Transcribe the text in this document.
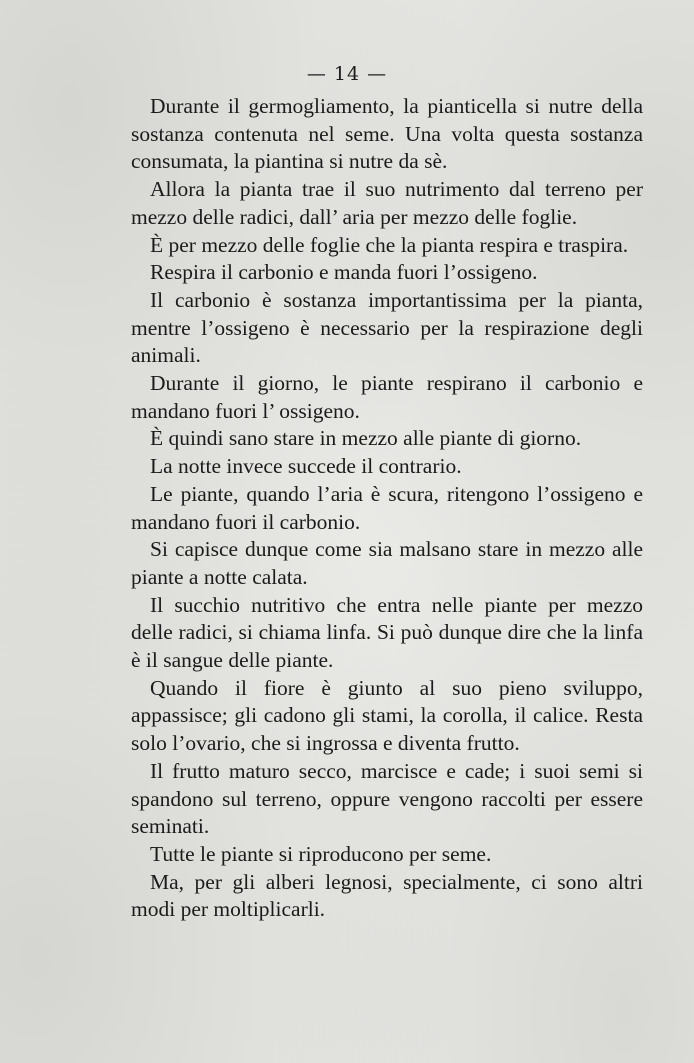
— 14 —

Durante il germogliamento, la pianticella si nutre della sostanza contenuta nel seme. Una volta questa sostanza consumata, la piantina si nutre da sè.

Allora la pianta trae il suo nutrimento dal terreno per mezzo delle radici, dall’ aria per mezzo delle foglie.

È per mezzo delle foglie che la pianta respira e traspira.

Respira il carbonio e manda fuori l’ossigeno.

Il carbonio è sostanza importantissima per la pianta, mentre l’ossigeno è necessario per la respirazione degli animali.

Durante il giorno, le piante respirano il carbonio e mandano fuori l’ ossigeno.

È quindi sano stare in mezzo alle piante di giorno.

La notte invece succede il contrario.

Le piante, quando l’aria è scura, ritengono l’ossigeno e mandano fuori il carbonio.

Si capisce dunque come sia malsano stare in mezzo alle piante a notte calata.

Il succhio nutritivo che entra nelle piante per mezzo delle radici, si chiama linfa. Si può dunque dire che la linfa è il sangue delle piante.

Quando il fiore è giunto al suo pieno sviluppo, appassisce; gli cadono gli stami, la corolla, il calice. Resta solo l’ovario, che si ingrossa e diventa frutto.

Il frutto maturo secco, marcisce e cade; i suoi semi si spandono sul terreno, oppure vengono raccolti per essere seminati.

Tutte le piante si riproducono per seme.

Ma, per gli alberi legnosi, specialmente, ci sono altri modi per moltiplicarli.
